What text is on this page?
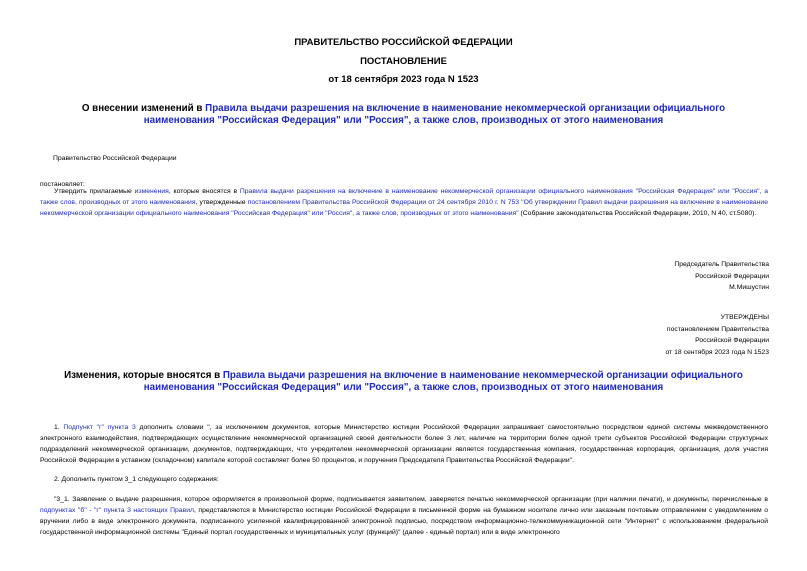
ПРАВИТЕЛЬСТВО РОССИЙСКОЙ ФЕДЕРАЦИИ
ПОСТАНОВЛЕНИЕ
от 18 сентября 2023 года N 1523
О внесении изменений в Правила выдачи разрешения на включение в наименование некоммерческой организации официального наименования "Российская Федерация" или "Россия", а также слов, производных от этого наименования
Правительство Российской Федерации
постановляет:
Утвердить прилагаемые изменения, которые вносятся в Правила выдачи разрешения на включение в наименование некоммерческой организации официального наименования "Российская Федерация" или "Россия", а также слов, производных от этого наименования, утвержденные постановлением Правительства Российской Федерации от 24 сентября 2010 г. N 753 "Об утверждении Правил выдачи разрешения на включение в наименование некоммерческой организации официального наименования "Российская Федерация" или "Россия", а также слов, производных от этого наименования" (Собрание законодательства Российской Федерации, 2010, N 40, ст.5080).
Председатель Правительства
Российской Федерации
М.Мишустин
УТВЕРЖДЕНЫ
постановлением Правительства
Российской Федерации
от 18 сентября 2023 года N 1523
Изменения, которые вносятся в Правила выдачи разрешения на включение в наименование некоммерческой организации официального наименования "Российская Федерация" или "Россия", а также слов, производных от этого наименования
1. Подпункт "г" пункта 3 дополнить словами ", за исключением документов, которые Министерство юстиции Российской Федерации запрашивает самостоятельно посредством единой системы межведомственного электронного взаимодействия, подтверждающих осуществление некоммерческой организацией своей деятельности более 3 лет, наличие на территории более одной трети субъектов Российской Федерации структурных подразделений некоммерческой организации, документов, подтверждающих, что учредителем некоммерческой организации является государственная компания, государственная корпорация, организация, доля участия Российской Федерации в уставном (складочном) капитале которой составляет более 50 процентов, и поручения Председателя Правительства Российской Федерации".
2. Дополнить пунктом 3_1 следующего содержания:
"3_1. Заявление о выдаче разрешения, которое оформляется в произвольной форме, подписывается заявителем, заверяется печатью некоммерческой организации (при наличии печати), и документы, перечисленные в подпунктах "б" - "г" пункта 3 настоящих Правил, представляются в Министерство юстиции Российской Федерации в письменной форме на бумажном носителе лично или заказным почтовым отправлением с уведомлением о вручении либо в виде электронного документа, подписанного усиленной квалифицированной электронной подписью, посредством информационно-телекоммуникационной сети "Интернет" с использованием федеральной государственной информационной системы "Единый портал государственных и муниципальных услуг (функций)" (далее - единый портал) или в виде электронного
